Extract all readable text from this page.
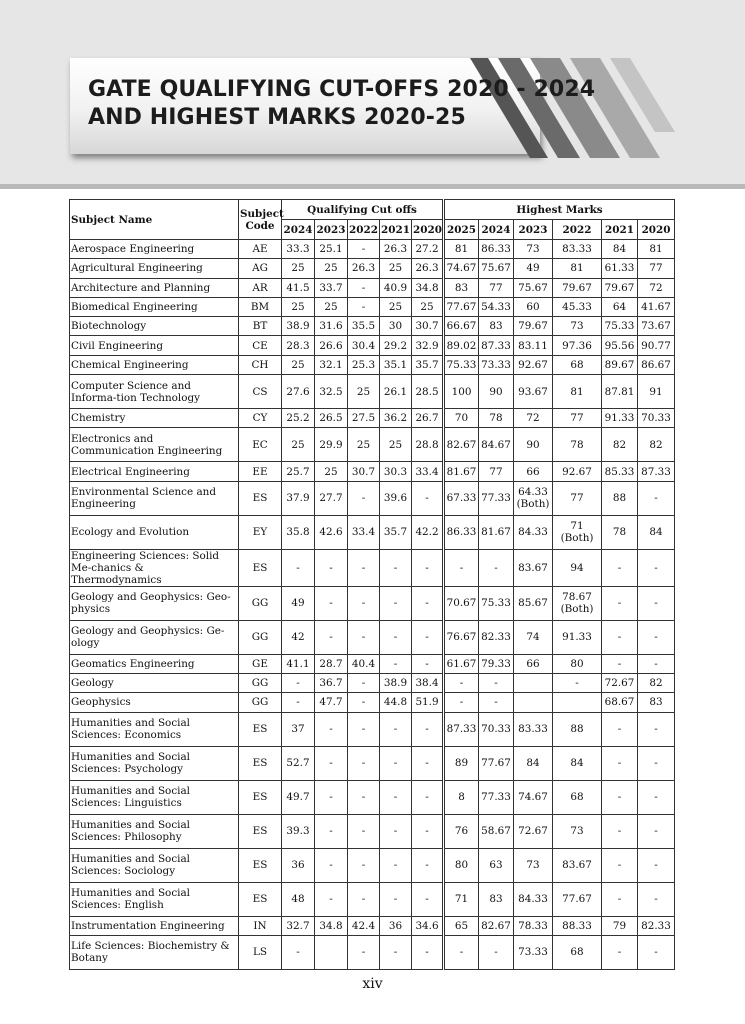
GATE QUALIFYING CUT-OFFS 2020 - 2024
AND HIGHEST MARKS 2020-25
Subject Name	Subject Code	Qualifying Cut offs					Highest Marks					
		2024	2023	2022	2021	2020	2025	2024	2023	2022	2021	2020
Aerospace Engineering	AE	33.3	25.1	-	26.3	27.2	81	86.33	73	83.33	84	81
Agricultural Engineering	AG	25	25	26.3	25	26.3	74.67	75.67	49	81	61.33	77
Architecture and Planning	AR	41.5	33.7	-	40.9	34.8	83	77	75.67	79.67	79.67	72
Biomedical Engineering	BM	25	25	-	25	25	77.67	54.33	60	45.33	64	41.67
Biotechnology	BT	38.9	31.6	35.5	30	30.7	66.67	83	79.67	73	75.33	73.67
Civil Engineering	CE	28.3	26.6	30.4	29.2	32.9	89.02	87.33	83.11	97.36	95.56	90.77
Chemical Engineering	CH	25	32.1	25.3	35.1	35.7	75.33	73.33	92.67	68	89.67	86.67
Computer Science and Informa-tion Technology	CS	27.6	32.5	25	26.1	28.5	100	90	93.67	81	87.81	91
Chemistry	CY	25.2	26.5	27.5	36.2	26.7	70	78	72	77	91.33	70.33
Electronics and Communication Engineering	EC	25	29.9	25	25	28.8	82.67	84.67	90	78	82	82
Electrical Engineering	EE	25.7	25	30.7	30.3	33.4	81.67	77	66	92.67	85.33	87.33
Environmental Science and Engineering	ES	37.9	27.7	-	39.6	-	67.33	77.33	64.33 (Both)	77	88	-
Ecology and Evolution	EY	35.8	42.6	33.4	35.7	42.2	86.33	81.67	84.33	71 (Both)	78	84
Engineering Sciences: Solid Me-chanics & Thermodynamics	ES	-	-	-	-	-	-	-	83.67	94	-	-
Geology and Geophysics: Geo-physics	GG	49	-	-	-	-	70.67	75.33	85.67	78.67 (Both)	-	-
Geology and Geophysics: Ge-ology	GG	42	-	-	-	-	76.67	82.33	74	91.33	-	-
Geomatics Engineering	GE	41.1	28.7	40.4	-	-	61.67	79.33	66	80	-	-
Geology	GG	-	36.7	-	38.9	38.4	-	-		-	72.67	82
Geophysics	GG	-	47.7	-	44.8	51.9	-	-			68.67	83
Humanities and Social Sciences: Economics	ES	37	-	-	-	-	87.33	70.33	83.33	88	-	-
Humanities and Social Sciences: Psychology	ES	52.7	-	-	-	-	89	77.67	84	84	-	-
Humanities and Social Sciences: Linguistics	ES	49.7	-	-	-	-	8	77.33	74.67	68	-	-
Humanities and Social Sciences: Philosophy	ES	39.3	-	-	-	-	76	58.67	72.67	73	-	-
Humanities and Social Sciences: Sociology	ES	36	-	-	-	-	80	63	73	83.67	-	-
Humanities and Social Sciences: English	ES	48	-	-	-	-	71	83	84.33	77.67	-	-
Instrumentation Engineering	IN	32.7	34.8	42.4	36	34.6	65	82.67	78.33	88.33	79	82.33
Life Sciences: Biochemistry & Botany	LS	-		-	-	-	-	-	73.33	68	-	-
xiv
